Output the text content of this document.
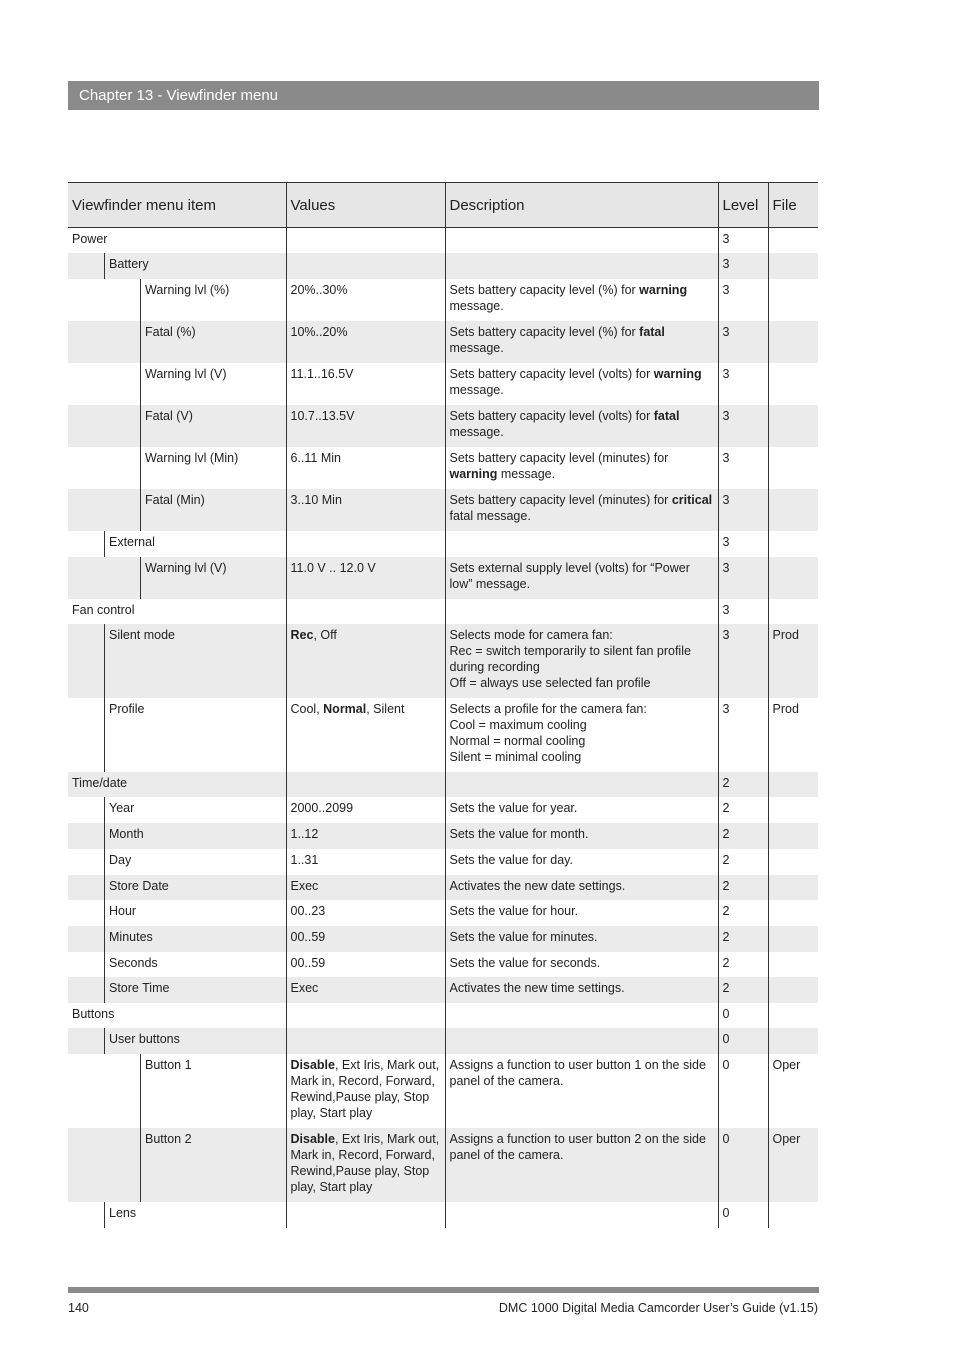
Chapter 13 - Viewfinder menu
Viewfinder menu item	Values	Description	Level	File

Power			3	

Battery			3	

Warning lvl (%)	20%..30%	Sets battery capacity level (%) for warning message.	3	

Fatal (%)	10%..20%	Sets battery capacity level (%) for fatal message.	3	

Warning lvl (V)	11.1..16.5V	Sets battery capacity level (volts) for warning message.	3	

Fatal (V)	10.7..13.5V	Sets battery capacity level (volts) for fatal message.	3	

Warning lvl (Min)	6..11 Min	Sets battery capacity level (minutes) for warning message.	3	

Fatal (Min)	3..10 Min	Sets battery capacity level (minutes) for critical fatal message.	3	

External			3	

Warning lvl (V)	11.0 V .. 12.0 V	Sets external supply level (volts) for “Power low” message.	3	

Fan control			3	

Silent mode	Rec, Off	Selects mode for camera fan:
Rec = switch temporarily to silent fan profile during recording
Off = always use selected fan profile	3	Prod

Profile	Cool, Normal, Silent	Selects a profile for the camera fan:
Cool = maximum cooling
Normal = normal cooling
Silent = minimal cooling	3	Prod

Time/date			2	

Year	2000..2099	Sets the value for year.	2	

Month	1..12	Sets the value for month.	2	

Day	1..31	Sets the value for day.	2	

Store Date	Exec	Activates the new date settings.	2	

Hour	00..23	Sets the value for hour.	2	

Minutes	00..59	Sets the value for minutes.	2	

Seconds	00..59	Sets the value for seconds.	2	

Store Time	Exec	Activates the new time settings.	2	

Buttons			0	

User buttons			0	

Button 1	Disable, Ext Iris, Mark out, Mark in, Record, Forward, Rewind,Pause play, Stop play, Start play	Assigns a function to user button 1 on the side panel of the camera.	0	Oper

Button 2	Disable, Ext Iris, Mark out, Mark in, Record, Forward, Rewind,Pause play, Stop play, Start play	Assigns a function to user button 2 on the side panel of the camera.	0	Oper

Lens			0	
140	DMC 1000 Digital Media Camcorder User’s Guide (v1.15)
